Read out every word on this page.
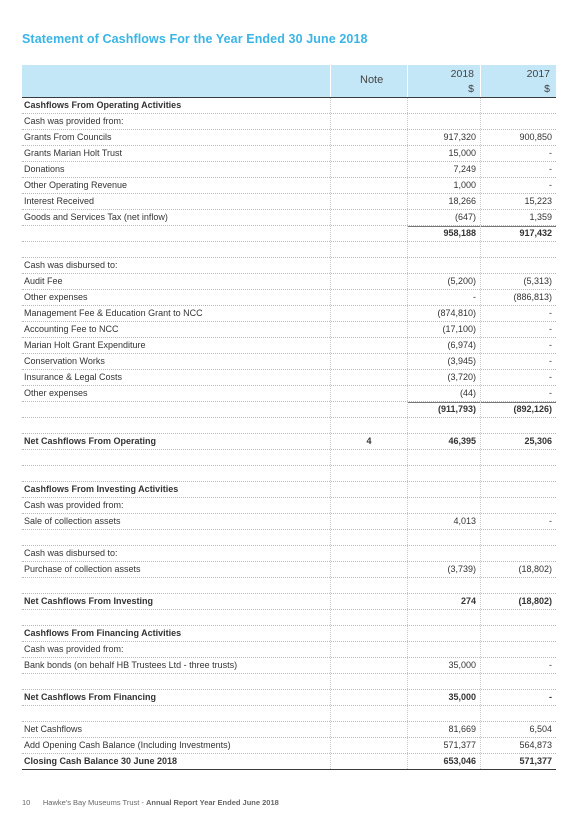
Statement of Cashflows For the Year Ended 30 June 2018
Note	2018	2017
$	$
Cashflows From Operating Activities
Cash was provided from:
Grants From Councils	917,320	900,850
Grants Marian Holt Trust	15,000	-
Donations	7,249	-
Other Operating Revenue	1,000	-
Interest Received	18,266	15,223
Goods and Services Tax (net inflow)	(647)	1,359
958,188	917,432
Cash was disbursed to:
Audit Fee	(5,200)	(5,313)
Other expenses	-	(886,813)
Management Fee & Education Grant to NCC	(874,810)	-
Accounting Fee to NCC	(17,100)	-
Marian Holt Grant Expenditure	(6,974)	-
Conservation Works	(3,945)	-
Insurance & Legal Costs	(3,720)	-
Other expenses	(44)	-
(911,793)	(892,126)
Net Cashflows From Operating	4	46,395	25,306
Cashflows From Investing Activities
Cash was provided from:
Sale of collection assets	4,013	-
Cash was disbursed to:
Purchase of collection assets	(3,739)	(18,802)
Net Cashflows From Investing	274	(18,802)
Cashflows From Financing Activities
Cash was provided from:
Bank bonds (on behalf HB Trustees Ltd - three trusts)	35,000	-
Net Cashflows From Financing	35,000	-
Net Cashflows	81,669	6,504
Add Opening Cash Balance (Including Investments)	571,377	564,873
Closing Cash Balance 30 June 2018	653,046	571,377
10 Hawke's Bay Museums Trust - Annual Report Year Ended June 2018
